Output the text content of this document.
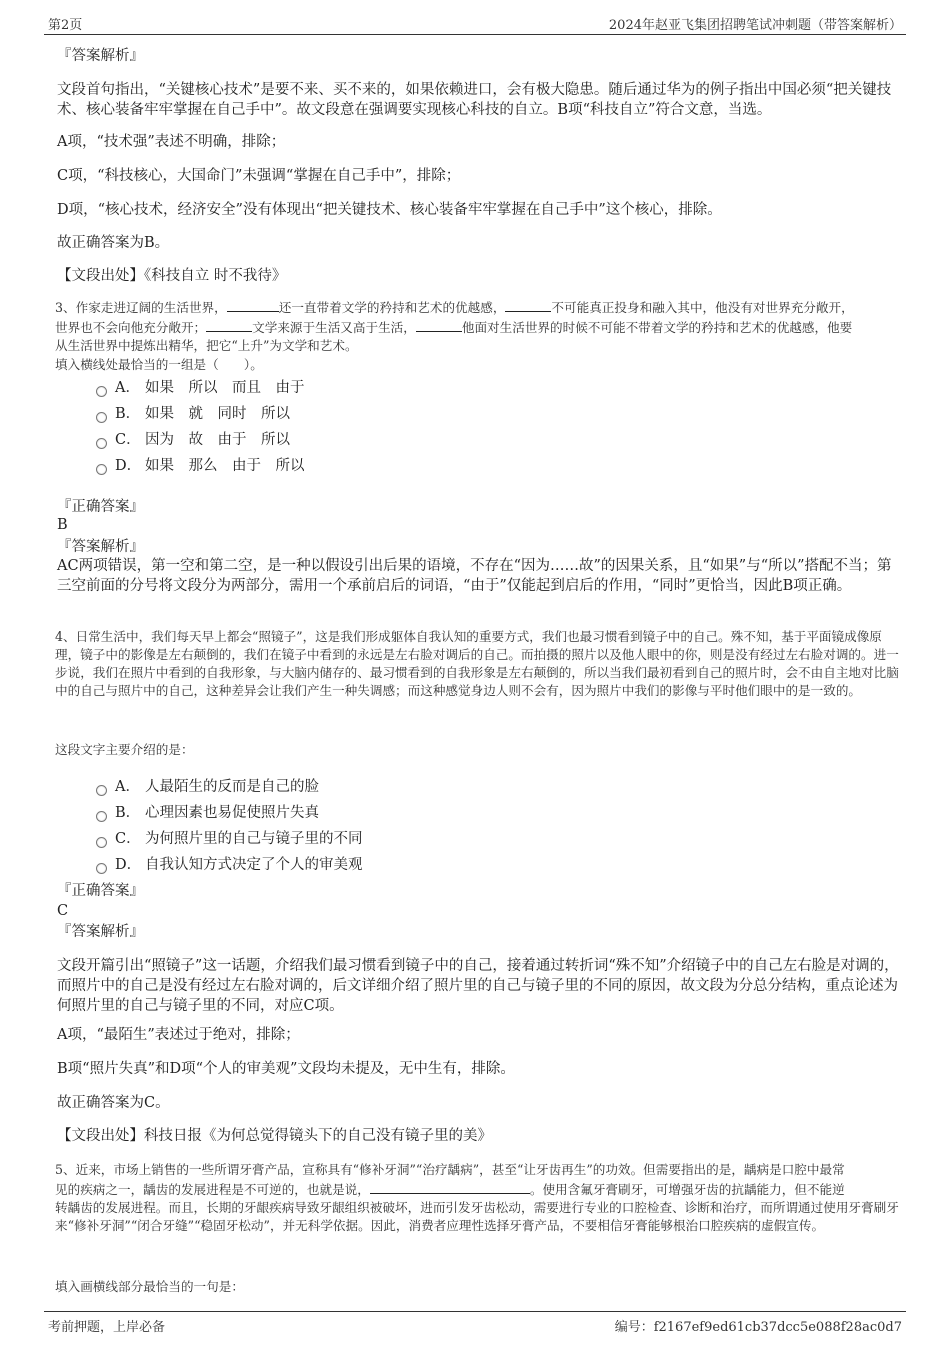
第2页	2024年赵亚飞集团招聘笔试冲刺题（带答案解析）

『答案解析』

文段首句指出，“关键核心技术”是要不来、买不来的，如果依赖进口，会有极大隐患。随后通过华为的例子指出中国必须“把关键技术、核心装备牢牢掌握在自己手中”。故文段意在强调要实现核心科技的自立。B项“科技自立”符合文意，当选。

A项，“技术强”表述不明确，排除；

C项，“科技核心，大国命门”未强调“掌握在自己手中”，排除；

D项，“核心技术，经济安全”没有体现出“把关键技术、核心装备牢牢掌握在自己手中”这个核心，排除。

故正确答案为B。

【文段出处】《科技自立 时不我待》

3、作家走进辽阔的生活世界，	还一直带着文学的矜持和艺术的优越感，	不可能真正投身和融入其中，他没有对世界充分敞开，
世界也不会向他充分敞开；	文学来源于生活又高于生活，	他面对生活世界的时候不可能不带着文学的矜持和艺术的优越感，他要
从生活世界中提炼出精华，把它“上升”为文学和艺术。

填入横线处最恰当的一组是（　　）。

A． 如果　所以　而且　由于
B． 如果　就　同时　所以
C． 因为　故　由于　所以
D． 如果　那么　由于　所以

『正确答案』

B

『答案解析』

AC两项错误，第一空和第二空，是一种以假设引出后果的语境，不存在“因为……故”的因果关系，且“如果”与“所以”搭配不当；第三空前面的分号将文段分为两部分，需用一个承前启后的词语，“由于”仅能起到启后的作用，“同时”更恰当，因此B项正确。

4、日常生活中，我们每天早上都会“照镜子”，这是我们形成躯体自我认知的重要方式，我们也最习惯看到镜子中的自己。殊不知，基于平面镜成像原理，镜子中的影像是左右颠倒的，我们在镜子中看到的永远是左右脸对调后的自己。而拍摄的照片以及他人眼中的你，则是没有经过左右脸对调的。进一步说，我们在照片中看到的自我形象，与大脑内储存的、最习惯看到的自我形象是左右颠倒的，所以当我们最初看到自己的照片时，会不由自主地对比脑中的自己与照片中的自己，这种差异会让我们产生一种失调感；而这种感觉身边人则不会有，因为照片中我们的影像与平时他们眼中的是一致的。

这段文字主要介绍的是：

A． 人最陌生的反而是自己的脸
B． 心理因素也易促使照片失真
C． 为何照片里的自己与镜子里的不同
D． 自我认知方式决定了个人的审美观

『正确答案』

C

『答案解析』

文段开篇引出“照镜子”这一话题，介绍我们最习惯看到镜子中的自己，接着通过转折词“殊不知”介绍镜子中的自己左右脸是对调的，而照片中的自己是没有经过左右脸对调的，后文详细介绍了照片里的自己与镜子里的不同的原因，故文段为分总分结构，重点论述为何照片里的自己与镜子里的不同，对应C项。

A项，“最陌生”表述过于绝对，排除；

B项“照片失真”和D项“个人的审美观”文段均未提及，无中生有，排除。

故正确答案为C。

【文段出处】科技日报《为何总觉得镜头下的自己没有镜子里的美》

5、近来，市场上销售的一些所谓牙膏产品，宣称具有“修补牙洞”“治疗龋病”，甚至“让牙齿再生”的功效。但需要指出的是，龋病是口腔中最常
见的疾病之一，龋齿的发展进程是不可逆的，也就是说，	。使用含氟牙膏刷牙，可增强牙齿的抗龋能力，但不能逆
转龋齿的发展进程。而且，长期的牙龈疾病导致牙龈组织被破坏，进而引发牙齿松动，需要进行专业的口腔检查、诊断和治疗，而所谓通过使用牙膏刷牙来“修补牙洞”“闭合牙缝”“稳固牙松动”，并无科学依据。因此，消费者应理性选择牙膏产品，不要相信牙膏能够根治口腔疾病的虚假宣传。

填入画横线部分最恰当的一句是：

考前押题，上岸必备	编号：f2167ef9ed61cb37dcc5e088f28ac0d7
